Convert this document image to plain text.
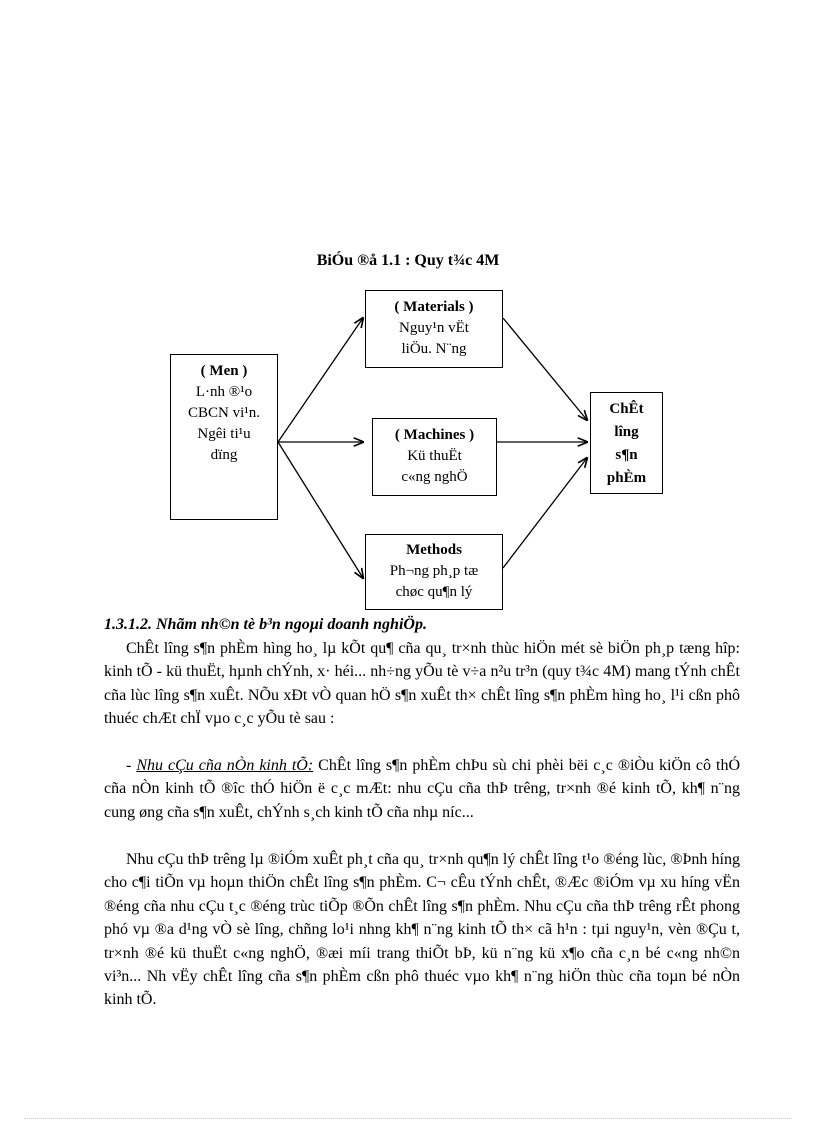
BiÓu ®å 1.1 : Quy t¾c 4M
( Men )
L·nh ®¹o
CBCN vi¹n.
Ngêi ti¹u
dïng
( Materials )
Nguy¹n vËt
liÖu. N¨ng
( Machines )
Kü thuËt
c«ng nghÖ
Methods
Ph¬ng ph¸p tæ
chøc qu¶n lý
ChÊt
lîng
s¶n
phÈm
1.3.1.2. Nhãm nh©n tè b³n ngoµi doanh nghiÖp.

ChÊt lîng s¶n phÈm hìng ho¸ lµ kÕt qu¶ cña qu¸ tr×nh thùc hiÖn mét sè biÖn ph¸p tæng hîp: kinh tÕ - kü thuËt, hµnh chÝnh, x· héi... nh÷ng yÕu tè v÷a n²u tr³n (quy t¾c 4M) mang tÝnh chÊt cña lùc lîng s¶n xuÊt. NÕu xÐt vÒ quan hÖ s¶n xuÊt th× chÊt lîng s¶n phÈm hìng ho¸ l¹i cßn phô thuéc chÆt chÏ vµo c¸c yÕu tè sau :

- Nhu cÇu cña nÒn kinh tÕ: ChÊt lîng s¶n phÈm chÞu sù chi phèi bëi c¸c ®iÒu kiÖn cô thÓ cña nÒn kinh tÕ ®îc thÓ hiÖn ë c¸c mÆt: nhu cÇu cña thÞ trêng, tr×nh ®é kinh tÕ, kh¶ n¨ng cung øng cña s¶n xuÊt, chÝnh s¸ch kinh tÕ cña nhµ níc...

Nhu cÇu thÞ trêng lµ ®iÓm xuÊt ph¸t cña qu¸ tr×nh qu¶n lý chÊt lîng t¹o ®éng lùc, ®Þnh híng cho c¶i tiÕn vµ hoµn thiÖn chÊt lîng s¶n phÈm. C¬ cÊu tÝnh chÊt, ®Æc ®iÓm vµ xu híng vËn ®éng cña nhu cÇu t¸c ®éng trùc tiÕp ®Õn chÊt lîng s¶n phÈm. Nhu cÇu cña thÞ trêng rÊt phong phó vµ ®a d¹ng vÒ sè lîng, chñng lo¹i nhng kh¶ n¨ng kinh tÕ th× cã h¹n : tµi nguy¹n, vèn ®Çu t, tr×nh ®é kü thuËt c«ng nghÖ, ®æi míi trang thiÕt bÞ, kü n¨ng kü x¶o cña c¸n bé c«ng nh©n vi³n... Nh vËy chÊt lîng cña s¶n phÈm cßn phô thuéc vµo kh¶ n¨ng hiÖn thùc cña toµn bé nÒn kinh tÕ.
